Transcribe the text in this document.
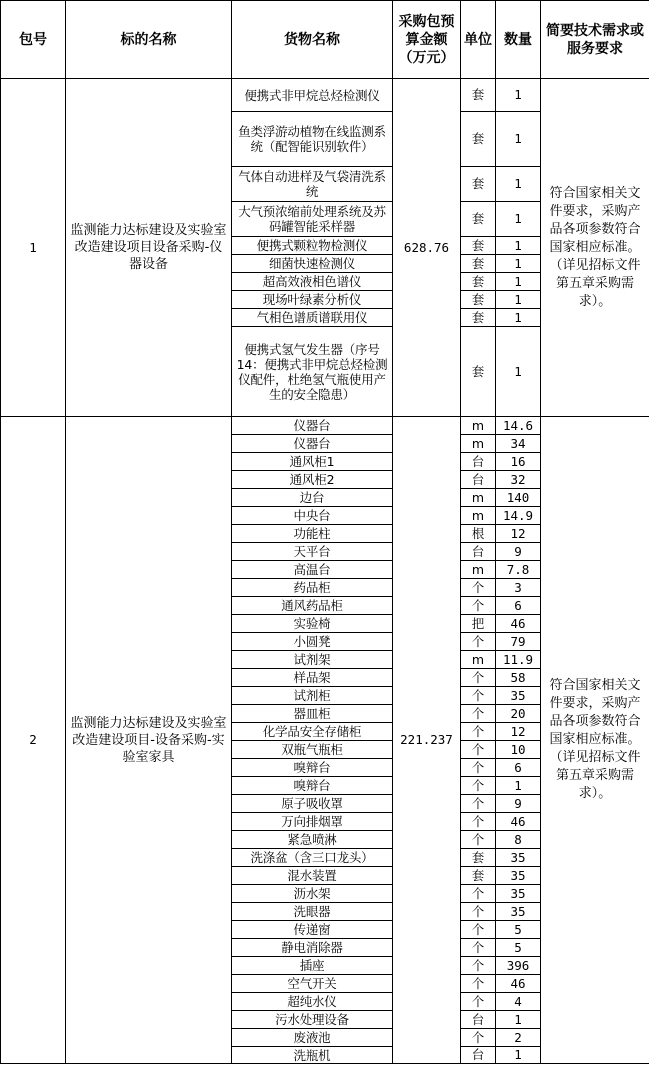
包号	标的名称	货物名称	采购包预算金额（万元）	单位	数量	简要技术需求或服务要求
1	监测能力达标建设及实验室改造建设项目设备采购-仪器设备	便携式非甲烷总烃检测仪	628.76	套	1	符合国家相关文件要求，采购产品各项参数符合国家相应标准。（详见招标文件第五章采购需求）。

		鱼类浮游动植物在线监测系统（配智能识别软件）		套	1	

		气体自动进样及气袋清洗系统		套	1	

		大气预浓缩前处理系统及苏码罐智能采样器		套	1	

		便携式颗粒物检测仪		套	1	

		细菌快速检测仪		套	1	

		超高效液相色谱仪		套	1	

		现场叶绿素分析仪		套	1	

		气相色谱质谱联用仪		套	1	

		便携式氢气发生器（序号14：便携式非甲烷总烃检测仪配件，杜绝氢气瓶使用产生的安全隐患）		套	1	
2	监测能力达标建设及实验室改造建设项目-设备采购-实验室家具	仪器台	221.237	m	14.6	符合国家相关文件要求，采购产品各项参数符合国家相应标准。（详见招标文件第五章采购需求）。

		仪器台		m	34	

		通风柜1		台	16	

		通风柜2		台	32	

		边台		m	140	

		中央台		m	14.9	

		功能柱		根	12	

		天平台		台	9	

		高温台		m	7.8	

		药品柜		个	3	

		通风药品柜		个	6	

		实验椅		把	46	

		小圆凳		个	79	

		试剂架		m	11.9	

		样品架		个	58	

		试剂柜		个	35	

		器皿柜		个	20	

		化学品安全存储柜		个	12	

		双瓶气瓶柜		个	10	

		嗅辩台		个	6	

		嗅辩台		个	1	

		原子吸收罩		个	9	

		万向排烟罩		个	46	

		紧急喷淋		个	8	

		洗涤盆（含三口龙头）		套	35	

		混水装置		套	35	

		沥水架		个	35	

		洗眼器		个	35	

		传递窗		个	5	

		静电消除器		个	5	

		插座		个	396	

		空气开关		个	46	

		超纯水仪		个	4	

		污水处理设备		台	1	

		废液池		个	2	

		洗瓶机		台	1	
